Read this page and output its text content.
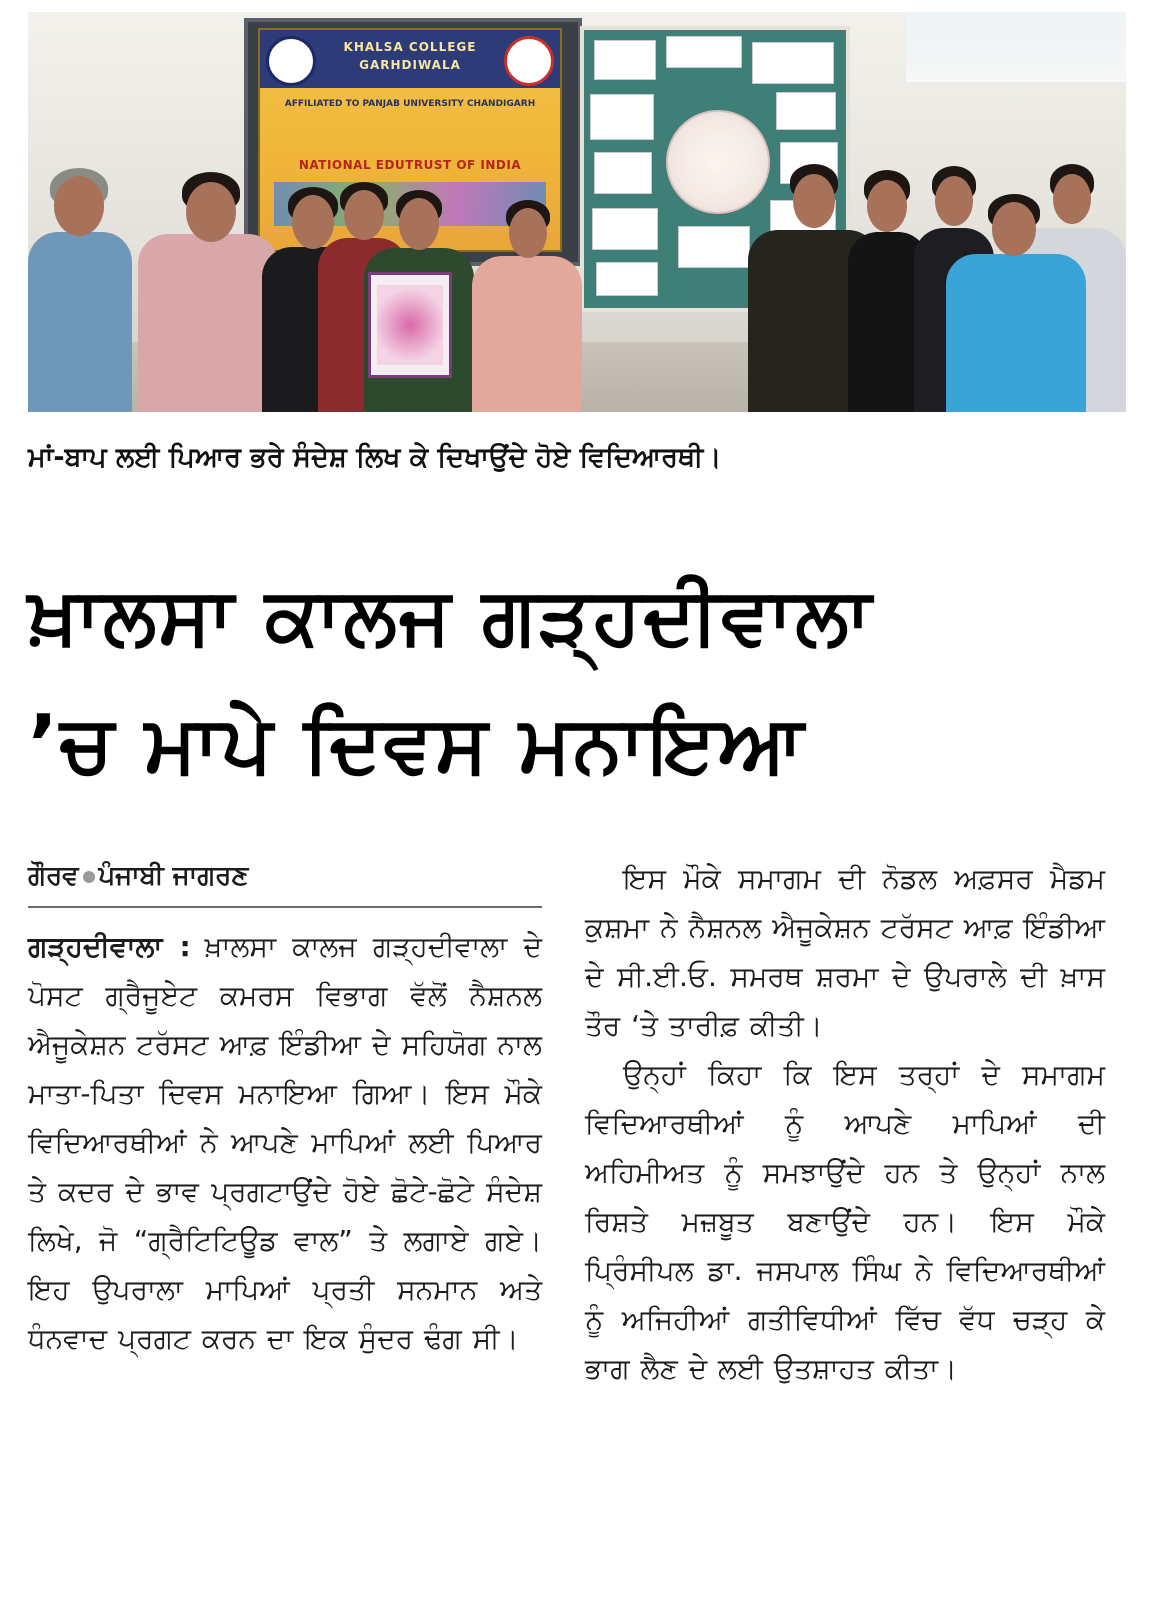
KHALSA COLLEGE GARHDIWALA
AFFILIATED TO PANJAB UNIVERSITY CHANDIGARH
NATIONAL EDUTRUST OF INDIA
ਮਾਂ-ਬਾਪ ਲਈ ਪਿਆਰ ਭਰੇ ਸੰਦੇਸ਼ ਲਿਖ ਕੇ ਦਿਖਾਉਂਦੇ ਹੋਏ ਵਿਦਿਆਰਥੀ।
ਖ਼ਾਲਸਾ ਕਾਲਜ ਗੜ੍ਹਦੀਵਾਲਾ
’ਚ ਮਾਪੇ ਦਿਵਸ ਮਨਾਇਆ
ਗੌਰਵ ਪੰਜਾਬੀ ਜਾਗਰਣ

ਗੜ੍ਹਦੀਵਾਲਾ : ਖ਼ਾਲਸਾ ਕਾਲਜ ਗੜ੍ਹਦੀਵਾਲਾ ਦੇ ਪੋਸਟ ਗ੍ਰੈਜੂਏਟ ਕਮਰਸ ਵਿਭਾਗ ਵੱਲੋਂ ਨੈਸ਼ਨਲ ਐਜੂਕੇਸ਼ਨ ਟਰੱਸਟ ਆਫ਼ ਇੰਡੀਆ ਦੇ ਸਹਿਯੋਗ ਨਾਲ ਮਾਤਾ-ਪਿਤਾ ਦਿਵਸ ਮਨਾਇਆ ਗਿਆ। ਇਸ ਮੌਕੇ ਵਿਦਿਆਰਥੀਆਂ ਨੇ ਆਪਣੇ ਮਾਪਿਆਂ ਲਈ ਪਿਆਰ ਤੇ ਕਦਰ ਦੇ ਭਾਵ ਪ੍ਰਗਟਾਉਂਦੇ ਹੋਏ ਛੋਟੇ-ਛੋਟੇ ਸੰਦੇਸ਼ ਲਿਖੇ, ਜੋ “ਗ੍ਰੈਟਿਟਿਊਡ ਵਾਲ” ਤੇ ਲਗਾਏ ਗਏ। ਇਹ ਉਪਰਾਲਾ ਮਾਪਿਆਂ ਪ੍ਰਤੀ ਸਨਮਾਨ ਅਤੇ ਧੰਨਵਾਦ ਪ੍ਰਗਟ ਕਰਨ ਦਾ ਇਕ ਸੁੰਦਰ ਢੰਗ ਸੀ।

ਇਸ ਮੌਕੇ ਸਮਾਗਮ ਦੀ ਨੋਡਲ ਅਫ਼ਸਰ ਮੈਡਮ ਕੁਸ਼ਮਾ ਨੇ ਨੈਸ਼ਨਲ ਐਜੂਕੇਸ਼ਨ ਟਰੱਸਟ ਆਫ਼ ਇੰਡੀਆ ਦੇ ਸੀ.ਈ.ਓ. ਸਮਰਥ ਸ਼ਰਮਾ ਦੇ ਉਪਰਾਲੇ ਦੀ ਖ਼ਾਸ ਤੌਰ ‘ਤੇ ਤਾਰੀਫ਼ ਕੀਤੀ।

ਉਨ੍ਹਾਂ ਕਿਹਾ ਕਿ ਇਸ ਤਰ੍ਹਾਂ ਦੇ ਸਮਾਗਮ ਵਿਦਿਆਰਥੀਆਂ ਨੂੰ ਆਪਣੇ ਮਾਪਿਆਂ ਦੀ ਅਹਿਮੀਅਤ ਨੂੰ ਸਮਝਾਉਂਦੇ ਹਨ ਤੇ ਉਨ੍ਹਾਂ ਨਾਲ ਰਿਸ਼ਤੇ ਮਜ਼ਬੂਤ ਬਣਾਉਂਦੇ ਹਨ। ਇਸ ਮੌਕੇ ਪ੍ਰਿੰਸੀਪਲ ਡਾ. ਜਸਪਾਲ ਸਿੰਘ ਨੇ ਵਿਦਿਆਰਥੀਆਂ ਨੂੰ ਅਜਿਹੀਆਂ ਗਤੀਵਿਧੀਆਂ ਵਿੱਚ ਵੱਧ ਚੜ੍ਹ ਕੇ ਭਾਗ ਲੈਣ ਦੇ ਲਈ ਉਤਸ਼ਾਹਤ ਕੀਤਾ।
